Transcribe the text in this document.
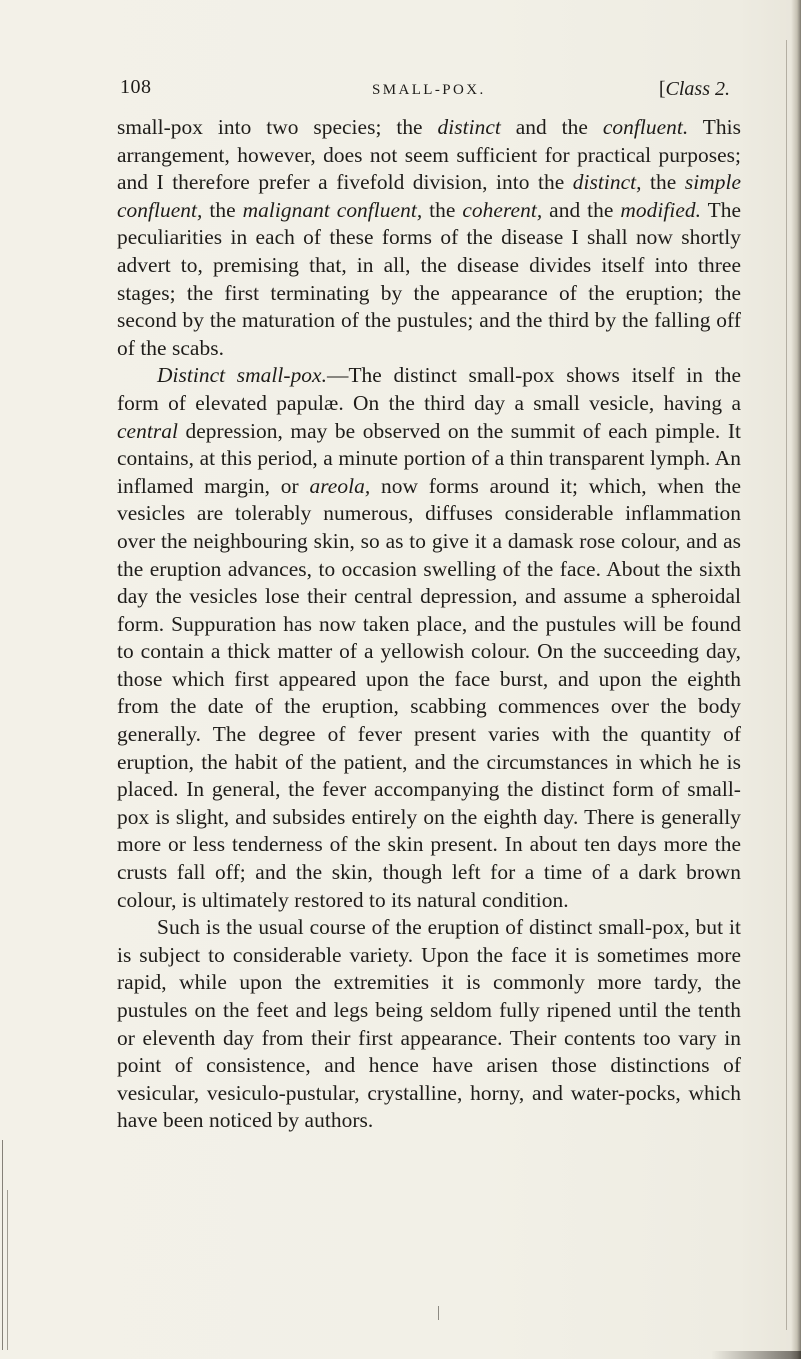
108	SMALL-POX.	[Class 2.

small-pox into two species; the distinct and the confluent. This arrangement, however, does not seem sufficient for practical purposes; and I therefore prefer a fivefold division, into the distinct, the simple confluent, the malignant confluent, the coherent, and the modified. The peculiarities in each of these forms of the disease I shall now shortly advert to, premising that, in all, the disease divides itself into three stages; the first terminating by the appearance of the eruption; the second by the maturation of the pustules; and the third by the falling off of the scabs.

Distinct small-pox.—The distinct small-pox shows itself in the form of elevated papulæ. On the third day a small vesicle, having a central depression, may be observed on the summit of each pimple. It contains, at this period, a minute portion of a thin transparent lymph. An inflamed margin, or areola, now forms around it; which, when the vesicles are tolerably numerous, diffuses considerable inflammation over the neighbouring skin, so as to give it a damask rose colour, and as the eruption advances, to occasion swelling of the face. About the sixth day the vesicles lose their central depression, and assume a spheroidal form. Suppuration has now taken place, and the pustules will be found to contain a thick matter of a yellowish colour. On the succeeding day, those which first appeared upon the face burst, and upon the eighth from the date of the eruption, scabbing commences over the body generally. The degree of fever present varies with the quantity of eruption, the habit of the patient, and the circumstances in which he is placed. In general, the fever accompanying the distinct form of small-pox is slight, and subsides entirely on the eighth day. There is generally more or less tenderness of the skin present. In about ten days more the crusts fall off; and the skin, though left for a time of a dark brown colour, is ultimately restored to its natural condition.

Such is the usual course of the eruption of distinct small-pox, but it is subject to considerable variety. Upon the face it is sometimes more rapid, while upon the extremities it is commonly more tardy, the pustules on the feet and legs being seldom fully ripened until the tenth or eleventh day from their first appearance. Their contents too vary in point of consistence, and hence have arisen those distinctions of vesicular, vesiculo-pustular, crystalline, horny, and water-pocks, which have been noticed by authors.
